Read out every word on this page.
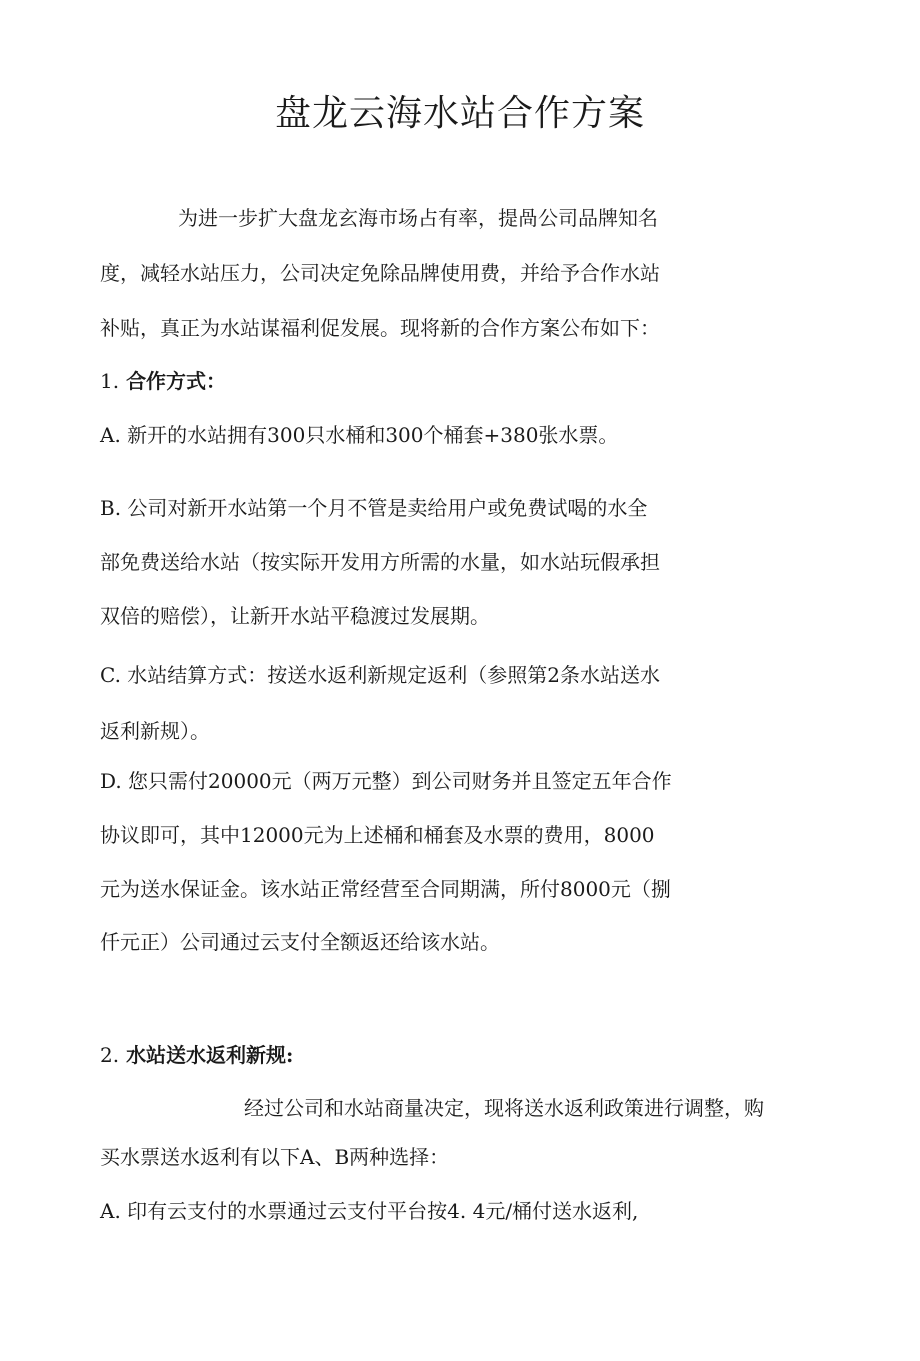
盘龙云海水站合作方案

为进一步扩大盘龙玄海市场占有率，提咼公司品牌知名

度，减轻水站压力，公司决定免除品牌使用费，并给予合作水站

补贴，真正为水站谋福利促发展。现将新的合作方案公布如下：

1. 合作方式：

A. 新开的水站拥有300只水桶和300个桶套+380张水票。

B. 公司对新开水站第一个月不管是卖给用户或免费试喝的水全

部免费送给水站（按实际开发用方所需的水量，如水站玩假承担

双倍的赔偿），让新开水站平稳渡过发展期。

C. 水站结算方式：按送水返利新规定返利（参照第2条水站送水

返利新规）。

D. 您只需付20000元（两万元整）到公司财务并且签定五年合作

协议即可，其中12000元为上述桶和桶套及水票的费用，8000

元为送水保证金。该水站正常经营至合同期满，所付8000元（捌

仟元正）公司通过云支付全额返还给该水站。

2. 水站送水返利新规:

经过公司和水站商量决定，现将送水返利政策进行调整，购

买水票送水返利有以下A、B两种选择：

A. 印有云支付的水票通过云支付平台按4. 4元/桶付送水返利,
